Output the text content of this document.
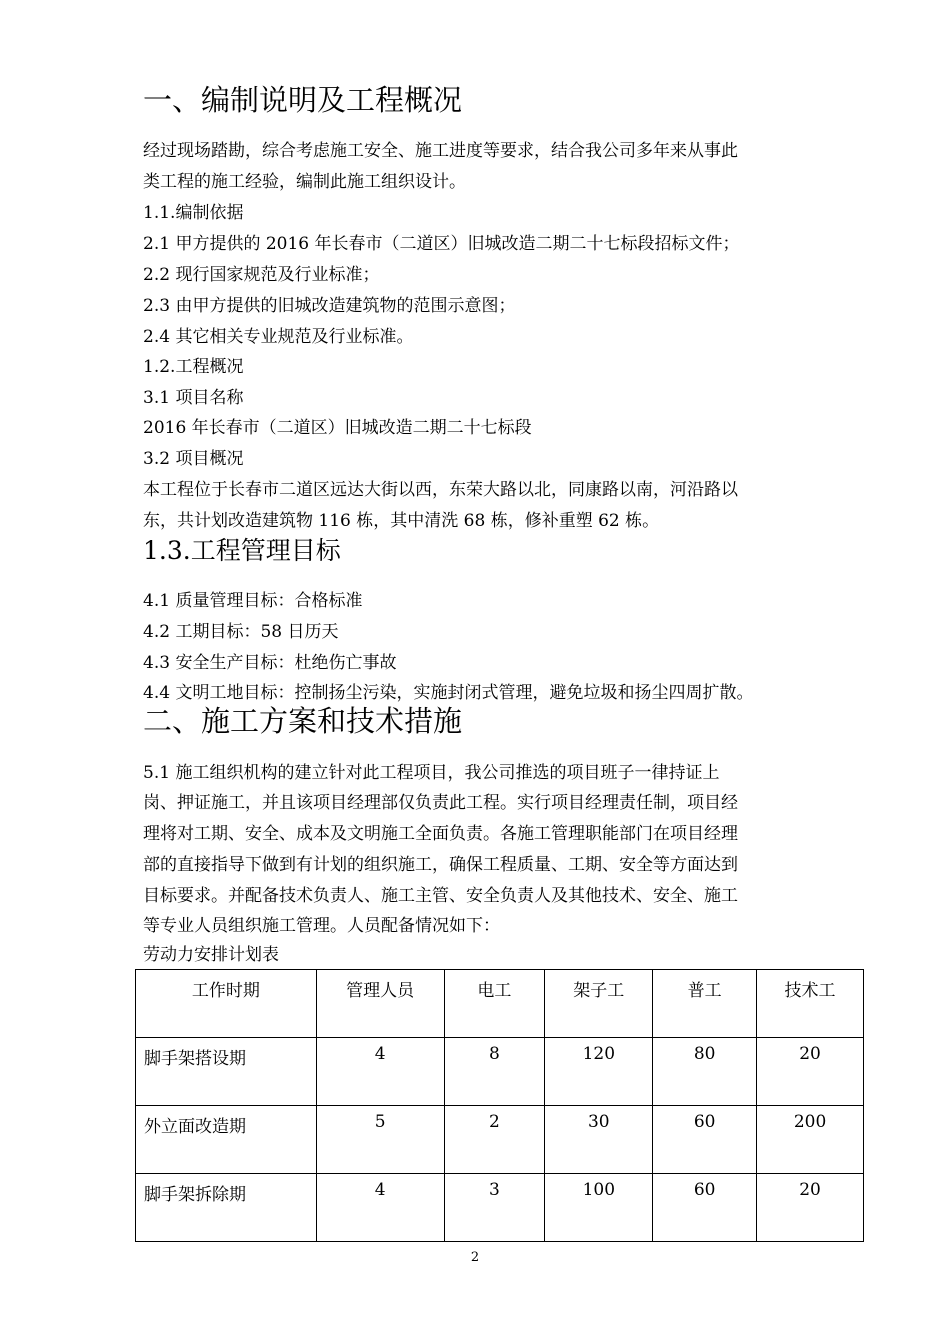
一、编制说明及工程概况
经过现场踏勘，综合考虑施工安全、施工进度等要求，结合我公司多年来从事此
类工程的施工经验，编制此施工组织设计。
1.1.编制依据
2.1 甲方提供的 2016 年长春市（二道区）旧城改造二期二十七标段招标文件；
2.2 现行国家规范及行业标准；
2.3 由甲方提供的旧城改造建筑物的范围示意图；
2.4 其它相关专业规范及行业标准。
1.2.工程概况
3.1 项目名称
2016 年长春市（二道区）旧城改造二期二十七标段
3.2 项目概况
本工程位于长春市二道区远达大街以西，东荣大路以北，同康路以南，河沿路以
东，共计划改造建筑物 116 栋，其中清洗 68 栋，修补重塑 62 栋。
1.3.工程管理目标
4.1 质量管理目标：合格标准
4.2 工期目标：58 日历天
4.3 安全生产目标：杜绝伤亡事故
4.4 文明工地目标：控制扬尘污染，实施封闭式管理，避免垃圾和扬尘四周扩散。
二、施工方案和技术措施
5.1 施工组织机构的建立针对此工程项目，我公司推选的项目班子一律持证上
岗、押证施工，并且该项目经理部仅负责此工程。实行项目经理责任制，项目经
理将对工期、安全、成本及文明施工全面负责。各施工管理职能部门在项目经理
部的直接指导下做到有计划的组织施工，确保工程质量、工期、安全等方面达到
目标要求。并配备技术负责人、施工主管、安全负责人及其他技术、安全、施工
等专业人员组织施工管理。人员配备情况如下：
劳动力安排计划表
工作时期	管理人员	电工	架子工	普工	技术工
脚手架搭设期	4	8	120	80	20
外立面改造期	5	2	30	60	200
脚手架拆除期	4	3	100	60	20
2
